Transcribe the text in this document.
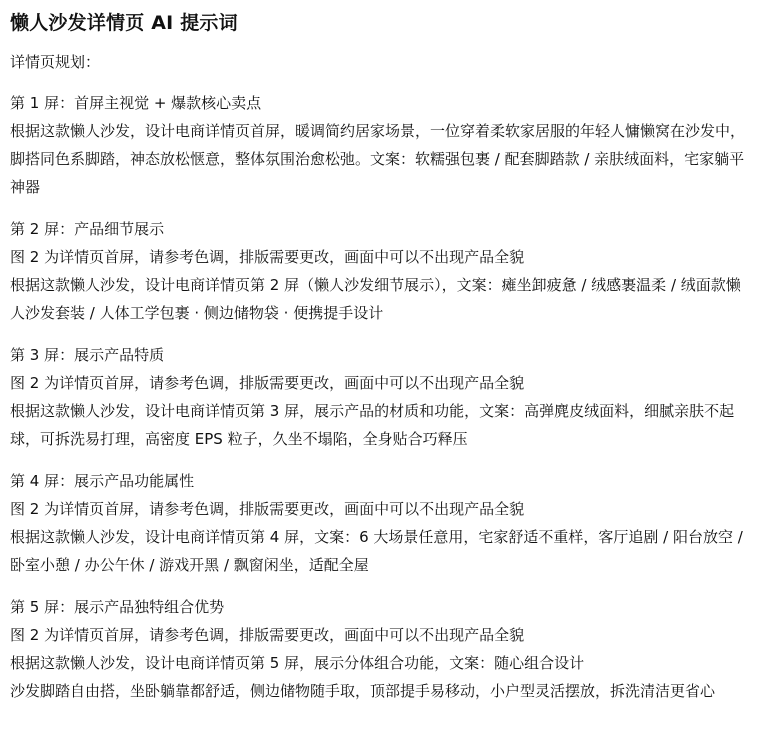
懒人沙发详情页 AI 提示词

详情页规划：

第 1 屏：首屏主视觉 + 爆款核心卖点

根据这款懒人沙发，设计电商详情页首屏，暖调简约居家场景，一位穿着柔软家居服的年轻人慵懒窝在沙发中，脚搭同色系脚踏，神态放松惬意，整体氛围治愈松弛。文案：软糯强包裹 / 配套脚踏款 / 亲肤绒面料，宅家躺平神器

第 2 屏：产品细节展示

图 2 为详情页首屏，请参考色调，排版需要更改，画面中可以不出现产品全貌

根据这款懒人沙发，设计电商详情页第 2 屏（懒人沙发细节展示），文案：瘫坐卸疲惫 / 绒感裹温柔 / 绒面款懒人沙发套装 / 人体工学包裹 · 侧边储物袋 · 便携提手设计

第 3 屏：展示产品特质

图 2 为详情页首屏，请参考色调，排版需要更改，画面中可以不出现产品全貌

根据这款懒人沙发，设计电商详情页第 3 屏，展示产品的材质和功能，文案：高弹麂皮绒面料，细腻亲肤不起球，可拆洗易打理，高密度 EPS 粒子，久坐不塌陷，全身贴合巧释压

第 4 屏：展示产品功能属性

图 2 为详情页首屏，请参考色调，排版需要更改，画面中可以不出现产品全貌

根据这款懒人沙发，设计电商详情页第 4 屏，文案：6 大场景任意用，宅家舒适不重样，客厅追剧 / 阳台放空 / 卧室小憩 / 办公午休 / 游戏开黑 / 飘窗闲坐，适配全屋

第 5 屏：展示产品独特组合优势

图 2 为详情页首屏，请参考色调，排版需要更改，画面中可以不出现产品全貌

根据这款懒人沙发，设计电商详情页第 5 屏，展示分体组合功能，文案：随心组合设计

沙发脚踏自由搭，坐卧躺靠都舒适，侧边储物随手取，顶部提手易移动，小户型灵活摆放，拆洗清洁更省心
